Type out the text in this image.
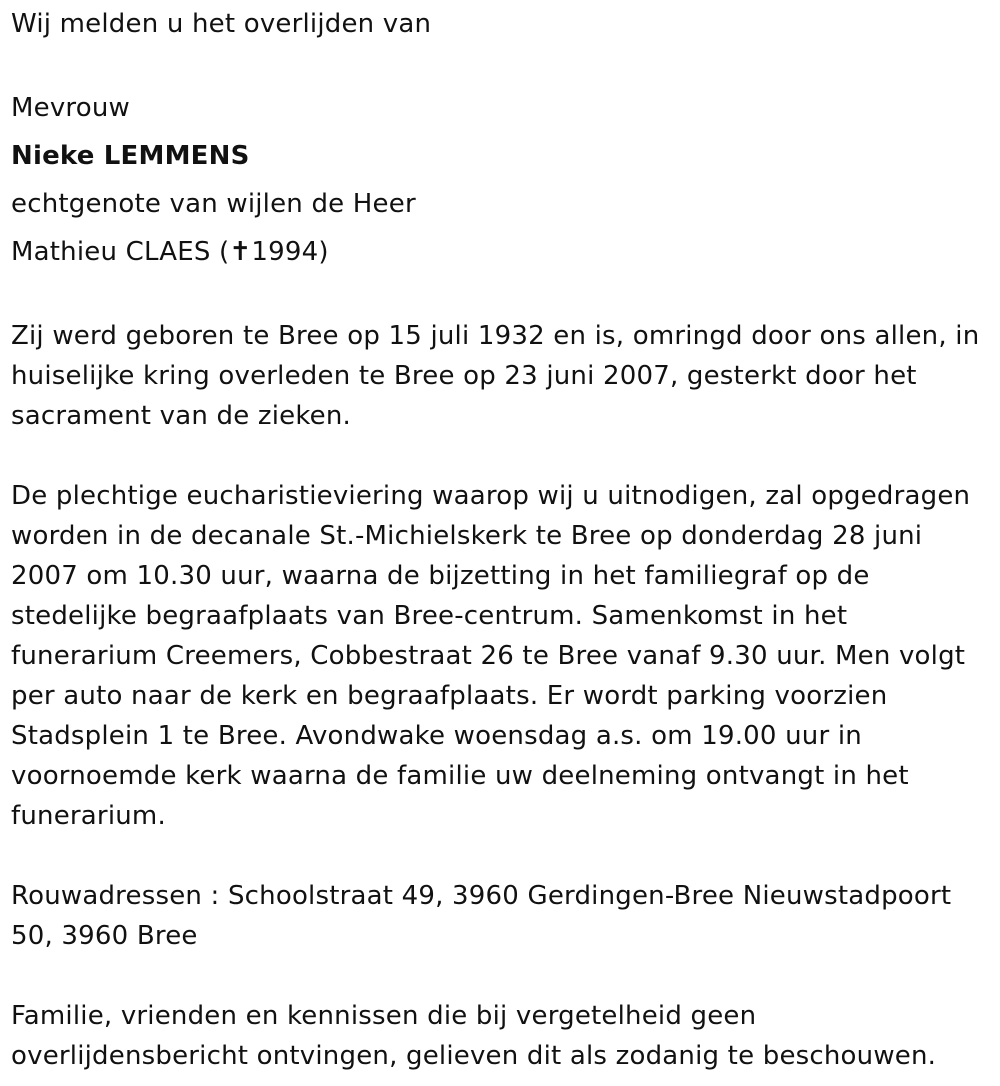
Wij melden u het overlijden van

Mevrouw

Nieke LEMMENS

echtgenote van wijlen de Heer

Mathieu CLAES (✝1994)

Zij werd geboren te Bree op 15 juli 1932 en is, omringd door ons allen, in huiselijke kring overleden te Bree op 23 juni 2007, gesterkt door het sacrament van de zieken.

De plechtige eucharistieviering waarop wij u uitnodigen, zal opgedragen worden in de decanale St.-Michielskerk te Bree op donderdag 28 juni 2007 om 10.30 uur, waarna de bijzetting in het familiegraf op de stedelijke begraafplaats van Bree-centrum. Samenkomst in het funerarium Creemers, Cobbestraat 26 te Bree vanaf 9.30 uur. Men volgt per auto naar de kerk en begraafplaats. Er wordt parking voorzien Stadsplein 1 te Bree. Avondwake woensdag a.s. om 19.00 uur in voornoemde kerk waarna de familie uw deelneming ontvangt in het funerarium.

Rouwadressen : Schoolstraat 49, 3960 Gerdingen-Bree Nieuwstadpoort 50, 3960 Bree

Familie, vrienden en kennissen die bij vergetelheid geen overlijdensbericht ontvingen, gelieven dit als zodanig te beschouwen.
